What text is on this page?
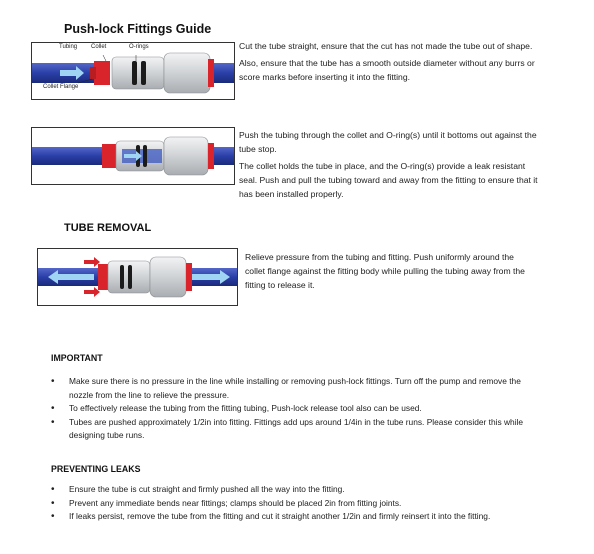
Push-lock Fittings Guide
Tubing Collet	O-rings
Collet Flange

Cut the tube straight, ensure that the cut has not made the tube out of shape.

Also, ensure that the tube has a smooth outside diameter without any burrs or score marks before inserting it into the fitting.

Push the tubing through the collet and O-ring(s) until it bottoms out against the tube stop.

The collet holds the tube in place, and the O-ring(s) provide a leak resistant seal. Push and pull the tubing toward and away from the fitting to ensure that it has been installed properly.

TUBE REMOVAL

Relieve pressure from the tubing and fitting. Push uniformly around the collet flange against the fitting body while pulling the tubing away from the fitting to release it.

IMPORTANT
• Make sure there is no pressure in the line while installing or removing push-lock fittings. Turn off the pump and remove the nozzle from the line to relieve the pressure.
• To effectively release the tubing from the fitting tubing, Push-lock release tool also can be used.
• Tubes are pushed approximately 1/2in into fitting. Fittings add ups around 1/4in in the tube runs. Please consider this while designing tube runs.
PREVENTING LEAKS
• Ensure the tube is cut straight and firmly pushed all the way into the fitting.
• Prevent any immediate bends near fittings; clamps should be placed 2in from fitting joints.
• If leaks persist, remove the tube from the fitting and cut it straight another 1/2in and firmly reinsert it into the fitting.
